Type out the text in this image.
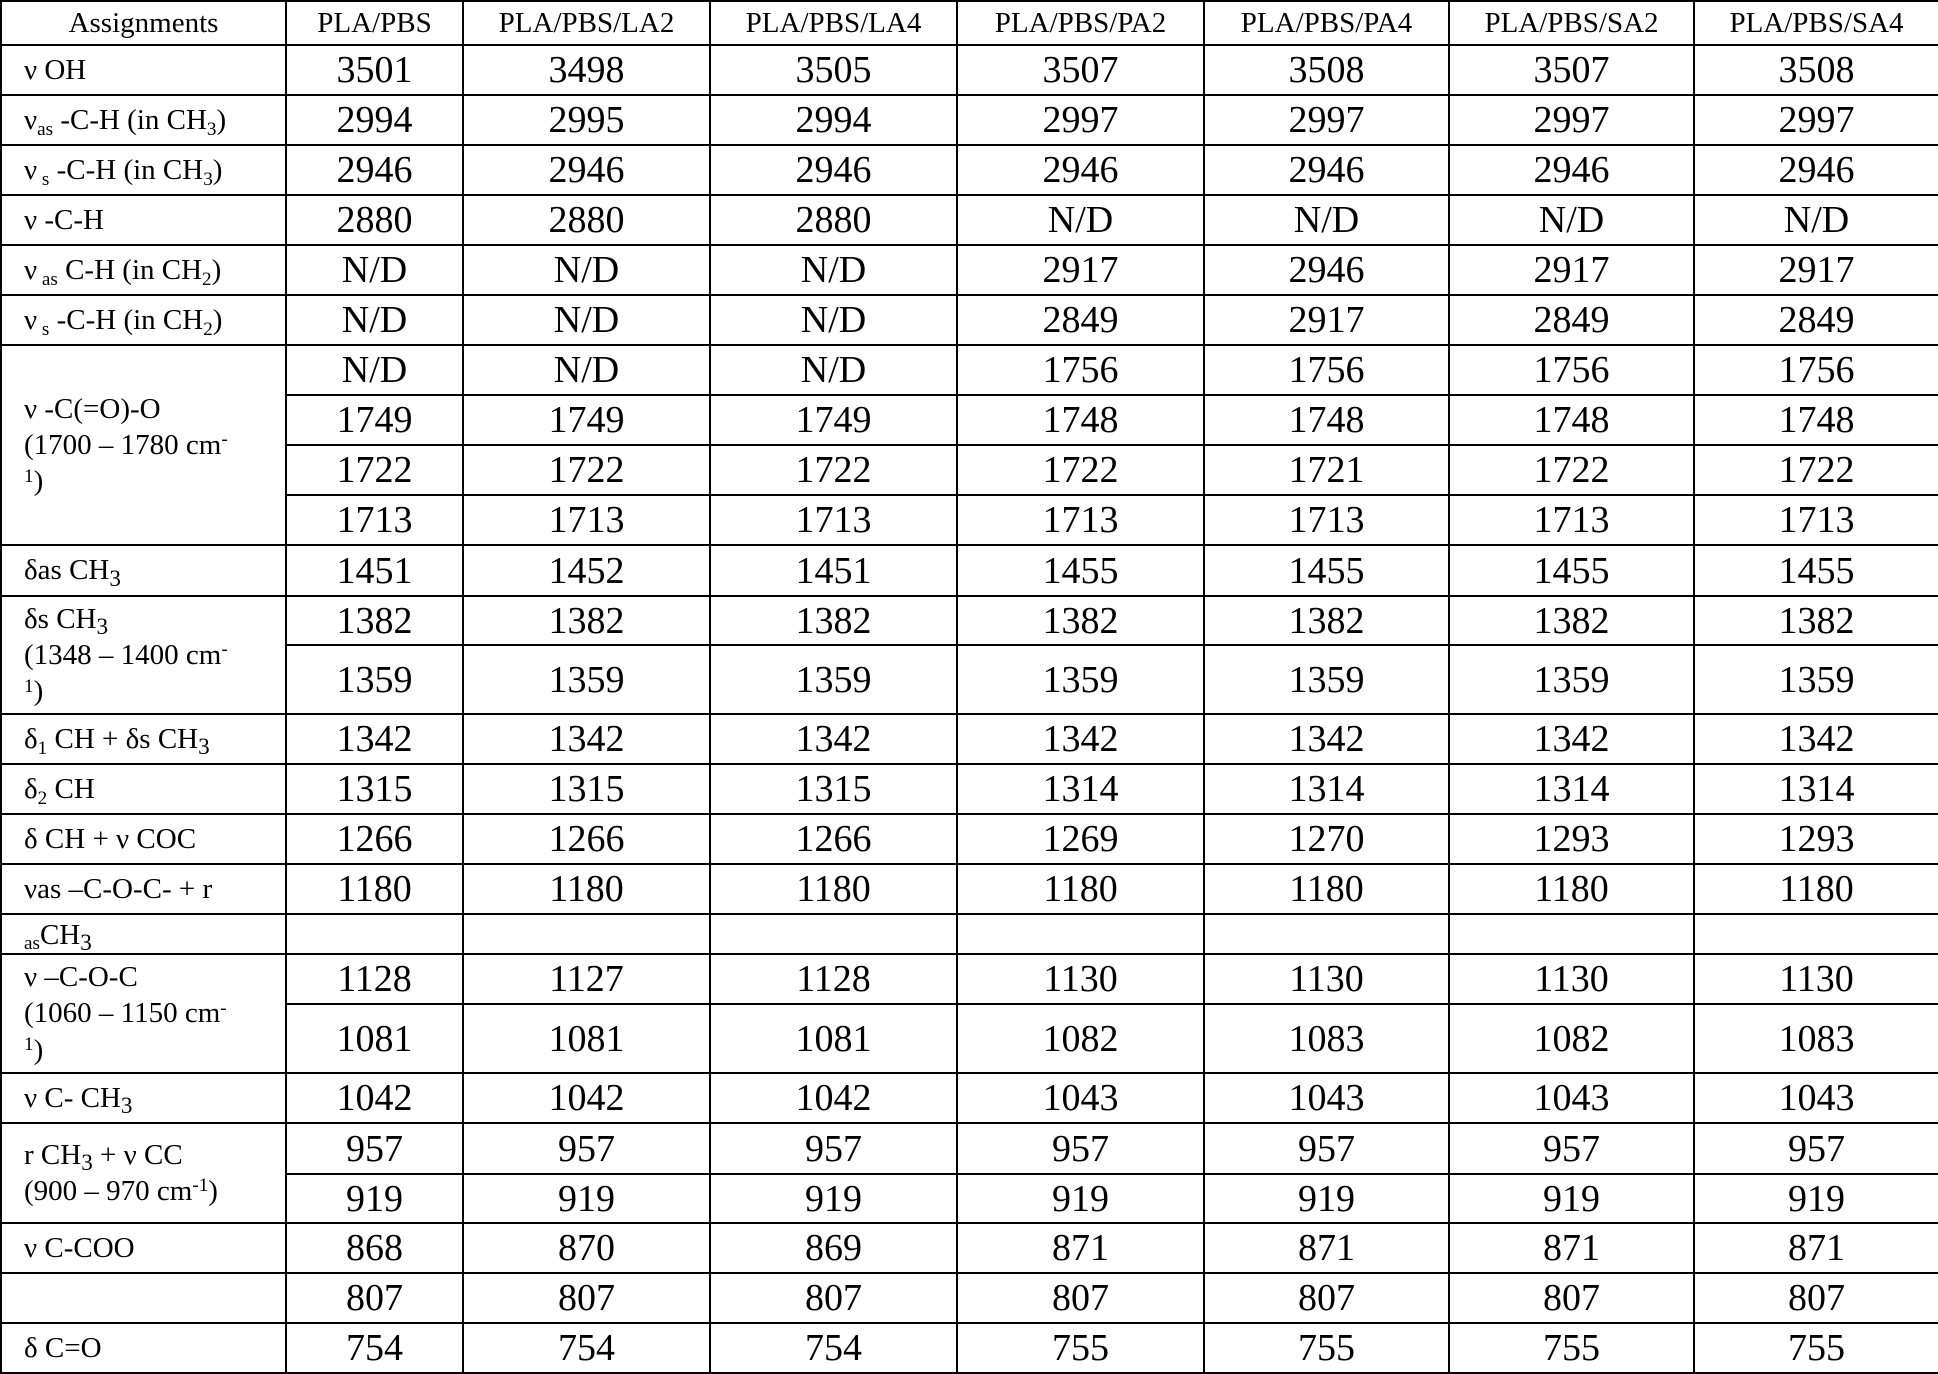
Assignments	PLA/PBS	PLA/PBS/LA2	PLA/PBS/LA4	PLA/PBS/PA2	PLA/PBS/PA4	PLA/PBS/SA2	PLA/PBS/SA4
ν OH	3501	3498	3505	3507	3508	3507	3508
νas -C-H (in CH3)	2994	2995	2994	2997	2997	2997	2997
ν s -C-H (in CH3)	2946	2946	2946	2946	2946	2946	2946
ν -C-H	2880	2880	2880	N/D	N/D	N/D	N/D
ν as C-H (in CH2)	N/D	N/D	N/D	2917	2946	2917	2917
ν s -C-H (in CH2)	N/D	N/D	N/D	2849	2917	2849	2849
ν -C(=O)-O
(1700 – 1780 cm-
$^1$)	N/D	N/D	N/D	1756	1756	1756	1756
	1749	1749	1749	1748	1748	1748	1748
	1722	1722	1722	1722	1721	1722	1722
	1713	1713	1713	1713	1713	1713	1713
δas $CH_3$	1451	1452	1451	1455	1455	1455	1455
δs $CH_3$
(1348 – 1400 cm-
$^1$)	1382	1382	1382	1382	1382	1382	1382
	1359	1359	1359	1359	1359	1359	1359
δ1 CH + δs $CH_3$	1342	1342	1342	1342	1342	1342	1342
δ2 CH	1315	1315	1315	1314	1314	1314	1314
δ CH + ν COC	1266	1266	1266	1269	1270	1293	1293
νas –C-O-C- + r	1180	1180	1180	1180	1180	1180	1180
asCH$_3$							
ν –C-O-C
(1060 – 1150 cm-
$^1$)	1128	1127	1128	1130	1130	1130	1130
	1081	1081	1081	1082	1083	1082	1083
ν C- $CH_3$	1042	1042	1042	1043	1043	1043	1043
r $CH_3 + \nu$ CC
(900 – 970 $cm^{-1}$)	957	957	957	957	957	957	957
	919	919	919	919	919	919	919
ν C-COO	868	870	869	871	871	871	871
	807	807	807	807	807	807	807
δ C=O	754	754	754	755	755	755	755
